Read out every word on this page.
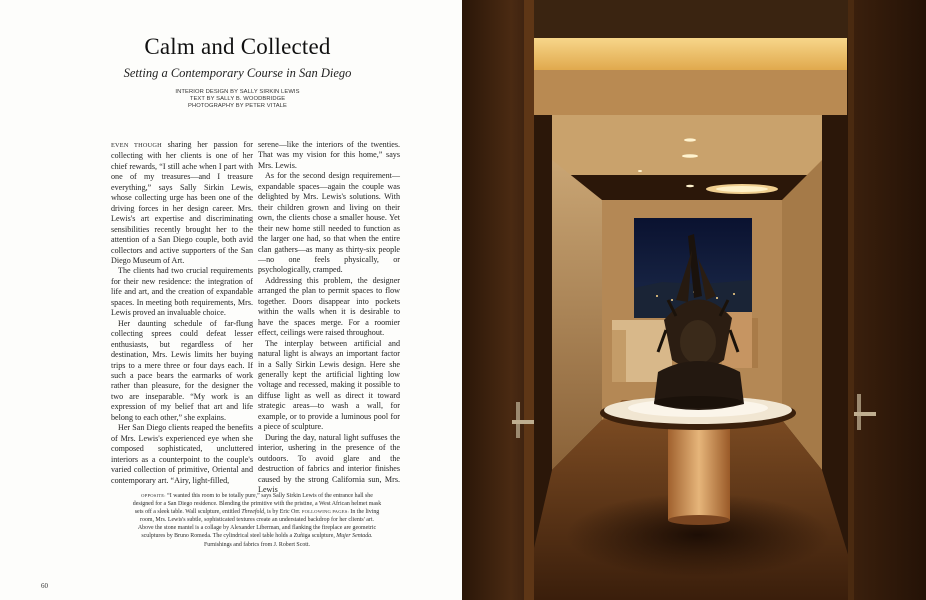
Calm and Collected
Setting a Contemporary Course in San Diego
INTERIOR DESIGN BY SALLY SIRKIN LEWIS
TEXT BY SALLY B. WOODBRIDGE
PHOTOGRAPHY BY PETER VITALE

EVEN THOUGH sharing her passion for collecting with her clients is one of her chief rewards, “I still ache when I part with one of my treasures—and I treasure everything,” says Sally Sirkin Lewis, whose collecting urge has been one of the driving forces in her design career. Mrs. Lewis's art expertise and discriminating sensibilities recently brought her to the attention of a San Diego couple, both avid collectors and active supporters of the San Diego Museum of Art.

The clients had two crucial requirements for their new residence: the integration of life and art, and the creation of expandable spaces. In meeting both requirements, Mrs. Lewis proved an invaluable choice.

Her daunting schedule of far-flung collecting sprees could defeat lesser enthusiasts, but regardless of her destination, Mrs. Lewis limits her buying trips to a mere three or four days each. If such a pace bears the earmarks of work rather than pleasure, for the designer the two are inseparable. “My work is an expression of my belief that art and life belong to each other,” she explains.

Her San Diego clients reaped the benefits of Mrs. Lewis's experienced eye when she composed sophisticated, uncluttered interiors as a counterpoint to the couple's varied collection of primitive, Oriental and contemporary art. “Airy, light-filled,

serene—like the interiors of the twenties. That was my vision for this home,” says Mrs. Lewis.

As for the second design requirement—expandable spaces—again the couple was delighted by Mrs. Lewis's solutions. With their children grown and living on their own, the clients chose a smaller house. Yet their new home still needed to function as the larger one had, so that when the entire clan gathers—as many as thirty-six people—no one feels physically, or psychologically, cramped.

Addressing this problem, the designer arranged the plan to permit spaces to flow together. Doors disappear into pockets within the walls when it is desirable to have the spaces merge. For a roomier effect, ceilings were raised throughout.

The interplay between artificial and natural light is always an important factor in a Sally Sirkin Lewis design. Here she generally kept the artificial lighting low voltage and recessed, making it possible to diffuse light as well as direct it toward strategic areas—to wash a wall, for example, or to provide a luminous pool for a piece of sculpture.

During the day, natural light suffuses the interior, ushering in the presence of the outdoors. To avoid glare and the destruction of fabrics and interior finishes caused by the strong California sun, Mrs. Lewis

OPPOSITE: “I wanted this room to be totally pure,” says Sally Sirkin Lewis of the entrance hall she designed for a San Diego residence. Blending the primitive with the pristine, a West African helmet mask sets off a sleek table. Wall sculpture, entitled Threefold, is by Eric Orr. FOLLOWING PAGES: In the living room, Mrs. Lewis's subtle, sophisticated textures create an understated backdrop for her clients' art. Above the stone mantel is a collage by Alexander Liberman, and flanking the fireplace are geometric sculptures by Bruno Romeda. The cylindrical steel table holds a Zuñiga sculpture, Mujer Sentada. Furnishings and fabrics from J. Robert Scott.
60
